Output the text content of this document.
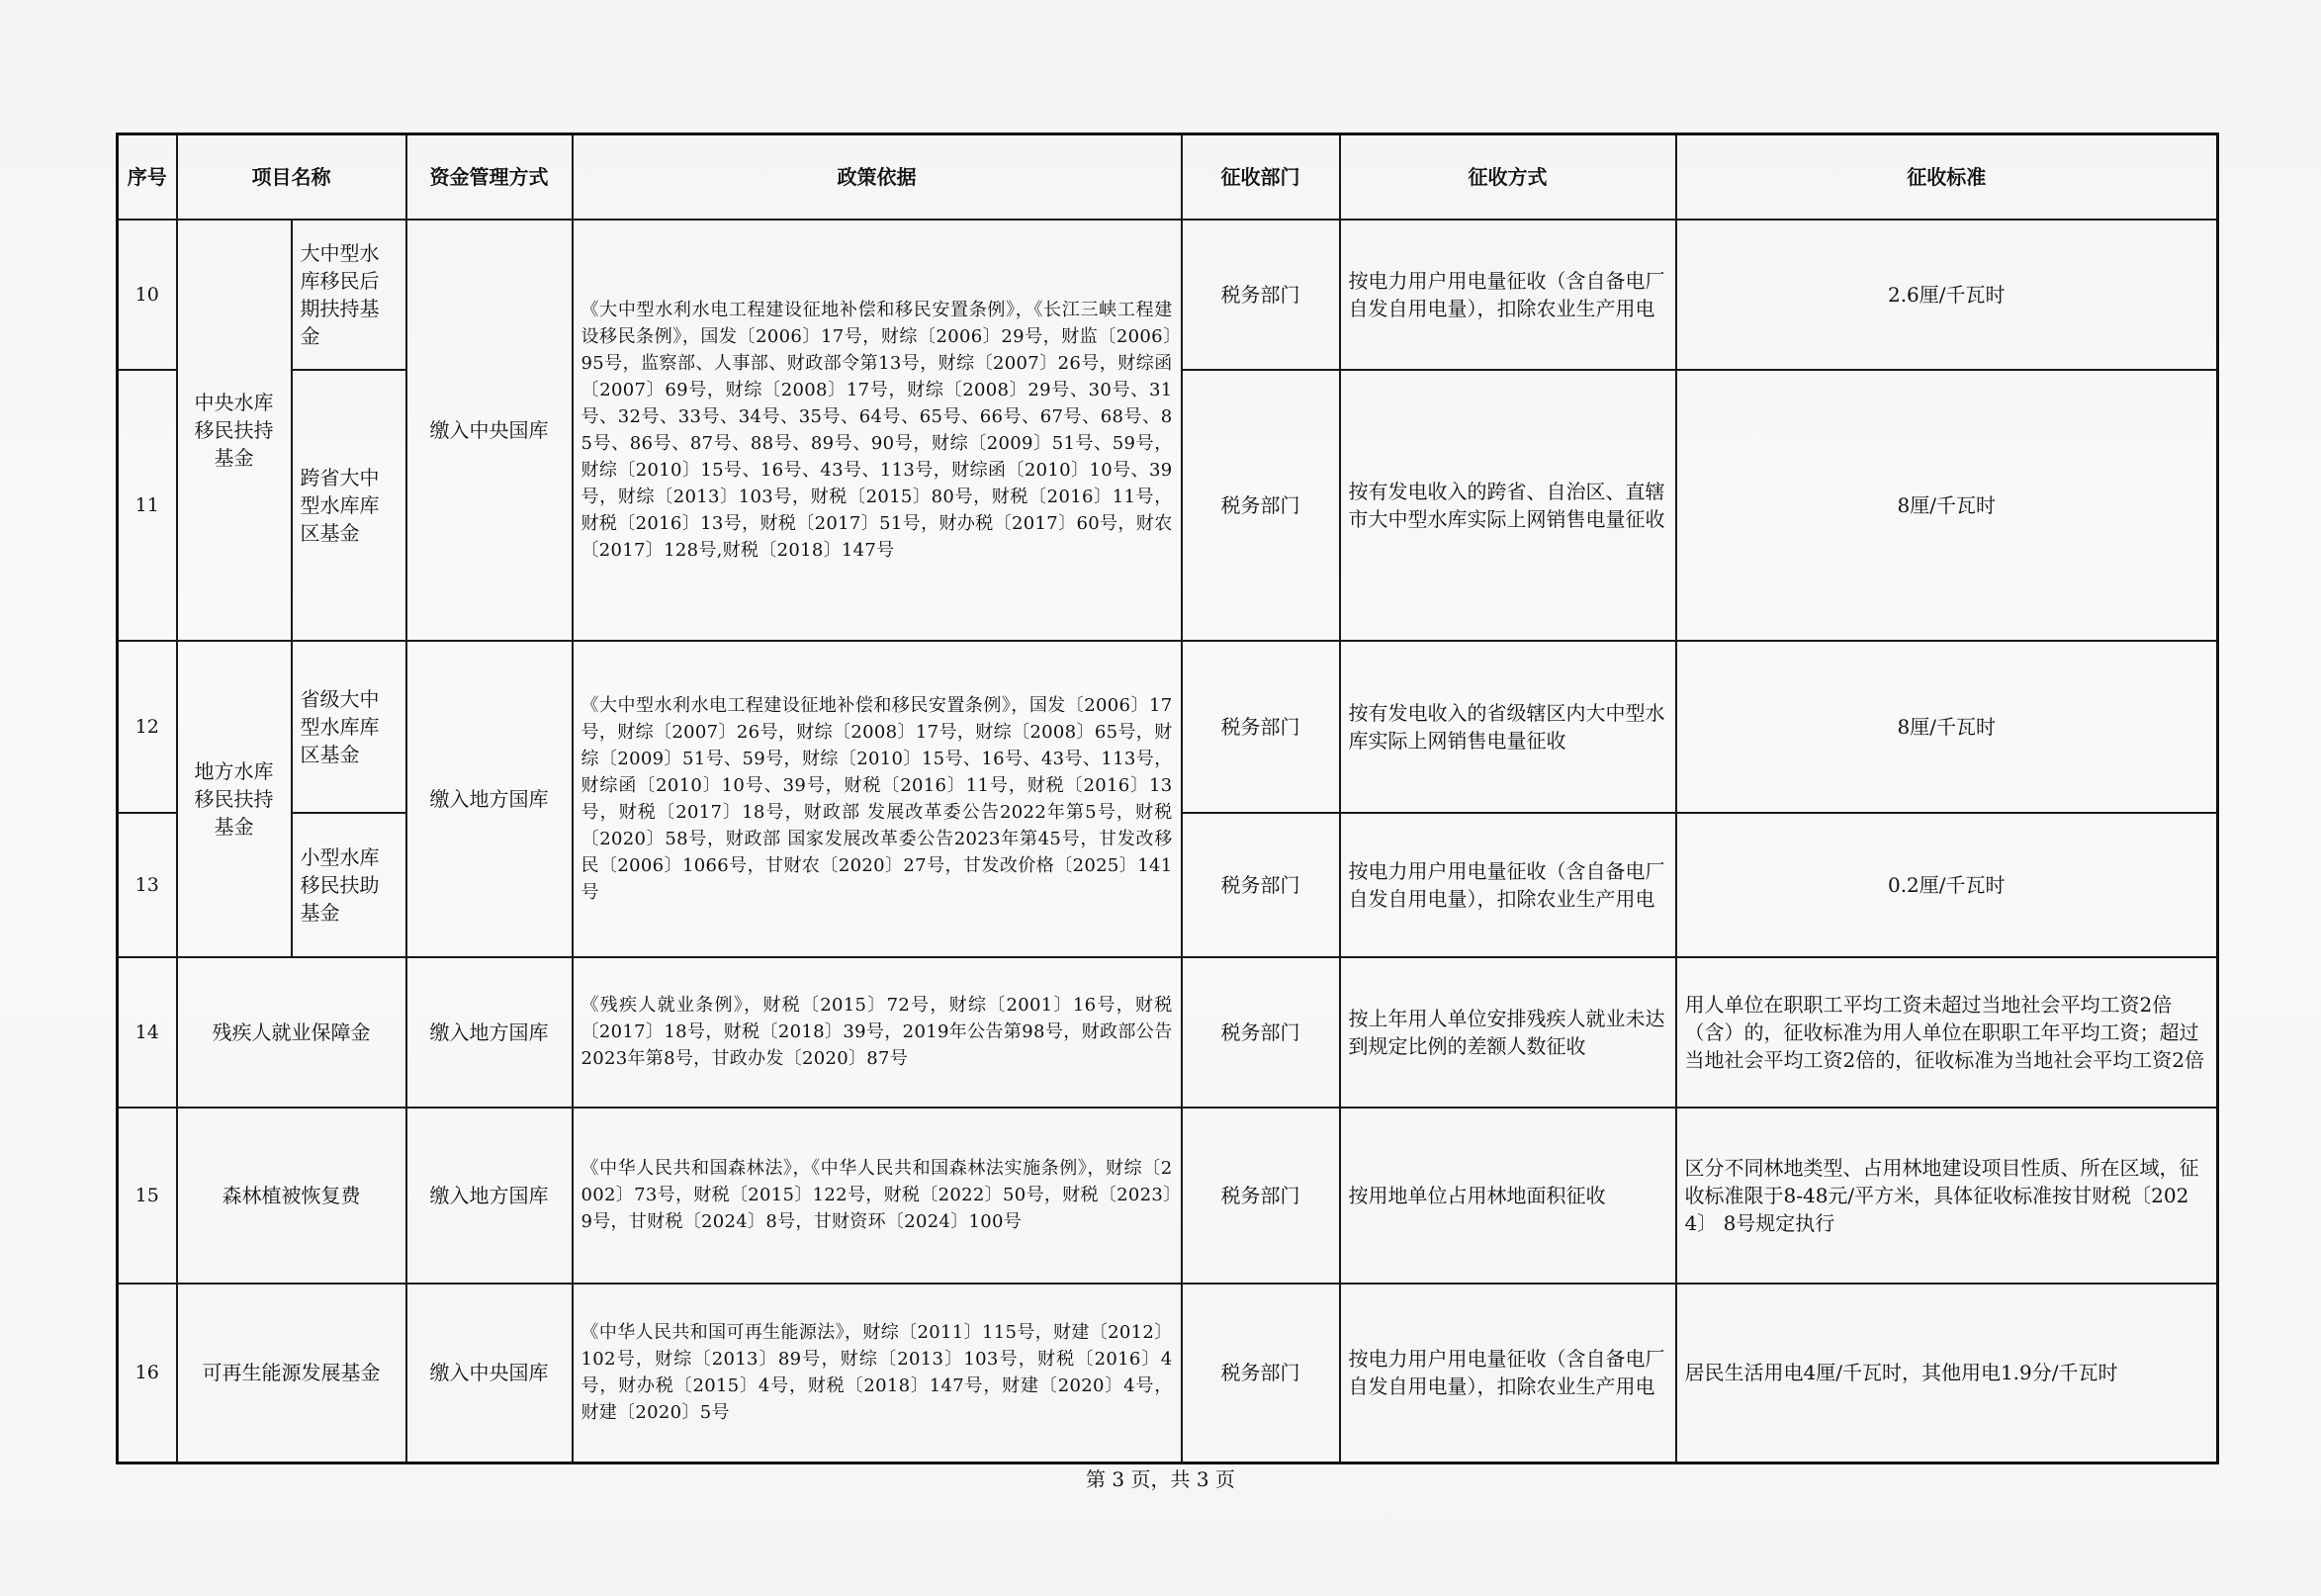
序号	项目名称		资金管理方式	政策依据	征收部门	征收方式	征收标准
10	中央水库移民扶持基金	大中型水库移民后期扶持基金	缴入中央国库	《大中型水利水电工程建设征地补偿和移民安置条例》，《长江三峡工程建设移民条例》，国发〔2006〕17号，财综〔2006〕29号，财监〔2006〕95号，监察部、人事部、财政部令第13号，财综〔2007〕26号，财综函〔2007〕69号，财综〔2008〕17号，财综〔2008〕29号、30号、31号、32号、33号、34号、35号、64号、65号、66号、67号、68号、85号、86号、87号、88号、89号、90号，财综〔2009〕51号、59号，财综〔2010〕15号、16号、43号、113号，财综函〔2010〕10号、39号，财综〔2013〕103号，财税〔2015〕80号，财税〔2016〕11号，财税〔2016〕13号，财税〔2017〕51号，财办税〔2017〕60号，财农〔2017〕128号,财税〔2018〕147号	税务部门	按电力用户用电量征收（含自备电厂自发自用电量），扣除农业生产用电	2.6厘/千瓦时
11		跨省大中型水库库区基金			税务部门	按有发电收入的跨省、自治区、直辖市大中型水库实际上网销售电量征收	8厘/千瓦时
12	地方水库移民扶持基金	省级大中型水库库区基金	缴入地方国库	《大中型水利水电工程建设征地补偿和移民安置条例》，国发〔2006〕17号，财综〔2007〕26号，财综〔2008〕17号，财综〔2008〕65号，财综〔2009〕51号、59号，财综〔2010〕15号、16号、43号、113号，财综函〔2010〕10号、39号，财税〔2016〕11号，财税〔2016〕13号，财税〔2017〕18号，财政部 发展改革委公告2022年第5号，财税〔2020〕58号，财政部 国家发展改革委公告2023年第45号，甘发改移民〔2006〕1066号，甘财农〔2020〕27号，甘发改价格〔2025〕141号	税务部门	按有发电收入的省级辖区内大中型水库实际上网销售电量征收	8厘/千瓦时
13		小型水库移民扶助基金			税务部门	按电力用户用电量征收（含自备电厂自发自用电量），扣除农业生产用电	0.2厘/千瓦时
14	残疾人就业保障金		缴入地方国库	《残疾人就业条例》，财税〔2015〕72号，财综〔2001〕16号，财税〔2017〕18号，财税〔2018〕39号，2019年公告第98号，财政部公告2023年第8号，甘政办发〔2020〕87号	税务部门	按上年用人单位安排残疾人就业未达到规定比例的差额人数征收	用人单位在职职工平均工资未超过当地社会平均工资2倍（含）的，征收标准为用人单位在职职工年平均工资；超过当地社会平均工资2倍的，征收标准为当地社会平均工资2倍
15	森林植被恢复费		缴入地方国库	《中华人民共和国森林法》，《中华人民共和国森林法实施条例》，财综〔2002〕73号，财税〔2015〕122号，财税〔2022〕50号，财税〔2023〕9号，甘财税〔2024〕8号，甘财资环〔2024〕100号	税务部门	按用地单位占用林地面积征收	区分不同林地类型、占用林地建设项目性质、所在区域，征收标准限于8-48元/平方米，具体征收标准按甘财税〔2024〕 8号规定执行
16	可再生能源发展基金		缴入中央国库	《中华人民共和国可再生能源法》，财综〔2011〕115号，财建〔2012〕102号，财综〔2013〕89号，财综〔2013〕103号，财税〔2016〕4号，财办税〔2015〕4号，财税〔2018〕147号，财建〔2020〕4号，财建〔2020〕5号	税务部门	按电力用户用电量征收（含自备电厂自发自用电量），扣除农业生产用电	居民生活用电4厘/千瓦时，其他用电1.9分/千瓦时
第 3 页，共 3 页
